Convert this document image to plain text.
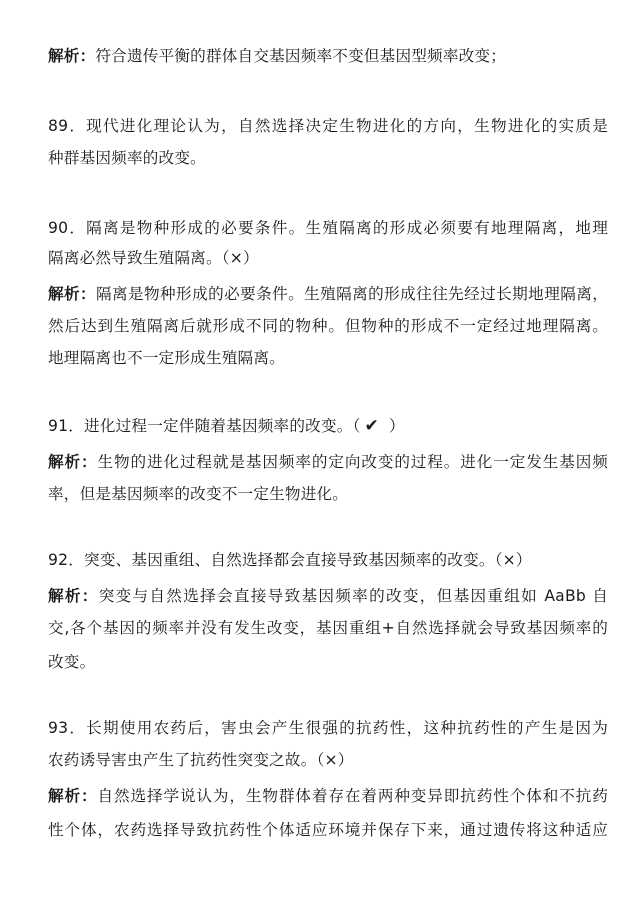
解析：符合遗传平衡的群体自交基因频率不变但基因型频率改变；
89．现代进化理论认为，自然选择决定生物进化的方向，生物进化的实质是
种群基因频率的改变。
90．隔离是物种形成的必要条件。生殖隔离的形成必须要有地理隔离，地理
隔离必然导致生殖隔离。（×）
解析：隔离是物种形成的必要条件。生殖隔离的形成往往先经过长期地理隔离，
然后达到生殖隔离后就形成不同的物种。但物种的形成不一定经过地理隔离。
地理隔离也不一定形成生殖隔离。
91．进化过程一定伴随着基因频率的改变。（ ✔ ）
解析：生物的进化过程就是基因频率的定向改变的过程。进化一定发生基因频
率，但是基因频率的改变不一定生物进化。
92．突变、基因重组、自然选择都会直接导致基因频率的改变。（×）
解析：突变与自然选择会直接导致基因频率的改变，但基因重组如 AaBb 自
交,各个基因的频率并没有发生改变，基因重组+自然选择就会导致基因频率的
改变。
93．长期使用农药后，害虫会产生很强的抗药性，这种抗药性的产生是因为
农药诱导害虫产生了抗药性突变之故。（×）
解析：自然选择学说认为，生物群体着存在着两种变异即抗药性个体和不抗药
性个体，农药选择导致抗药性个体适应环境并保存下来，通过遗传将这种适应
